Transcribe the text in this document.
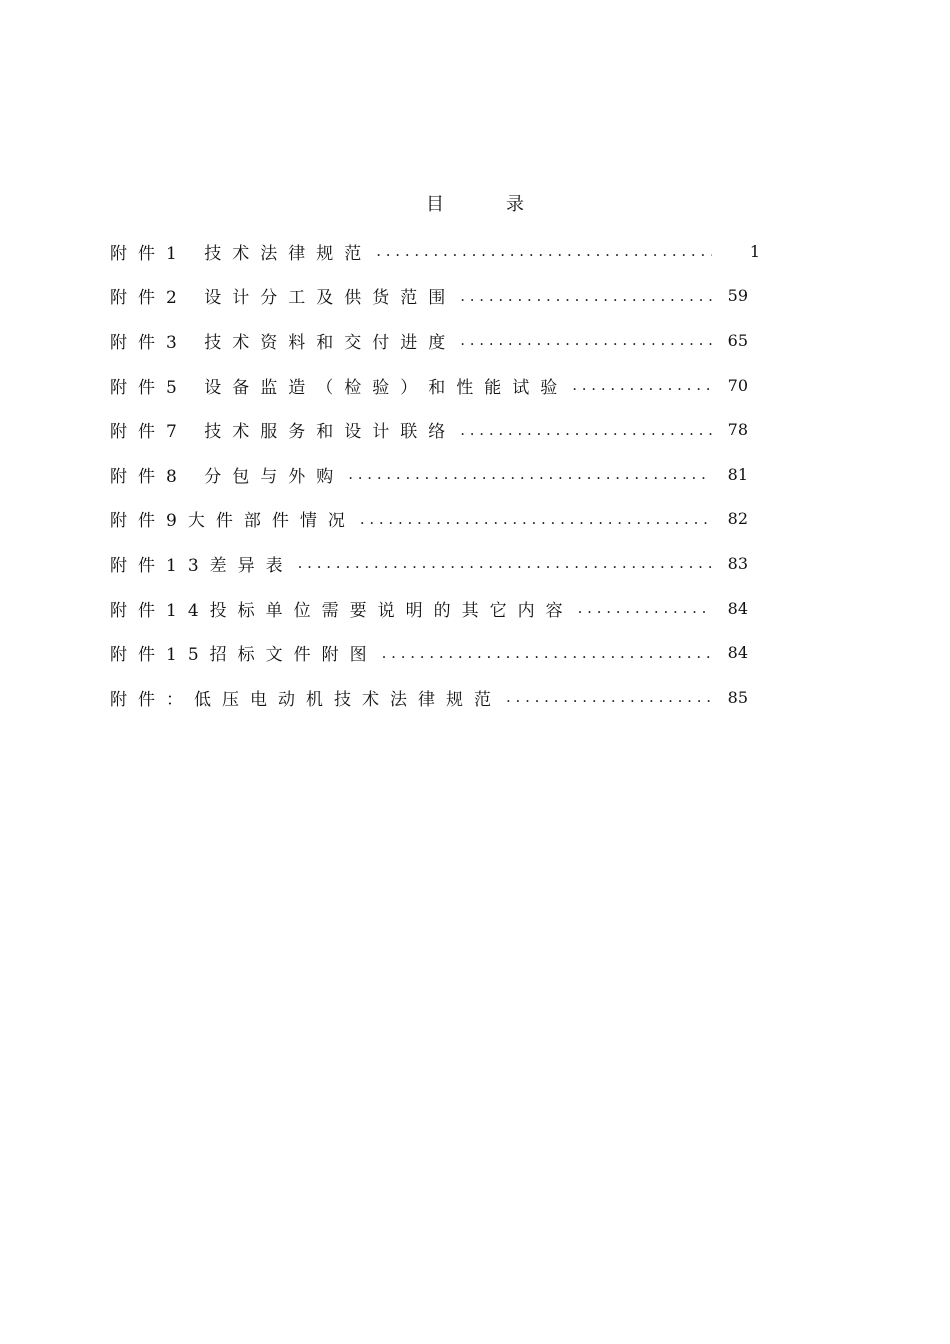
目	录
附件1 技术法律规范 . . .	1
附件2 设计分工及供货范围 . . .	59
附件3 技术资料和交付进度 . . .	65
附件5 设备监造（检验）和性能试验 . . .	70
附件7 技术服务和设计联络 . . .	78
附件8 分包与外购 . . .	81
附件9大件部件情况 . . .	82
附件13差异表 . . .	83
附件14投标单位需要说明的其它内容 . . .	84
附件15招标文件附图 . . .	84
附件：低压电动机技术法律规范 . . .	85
